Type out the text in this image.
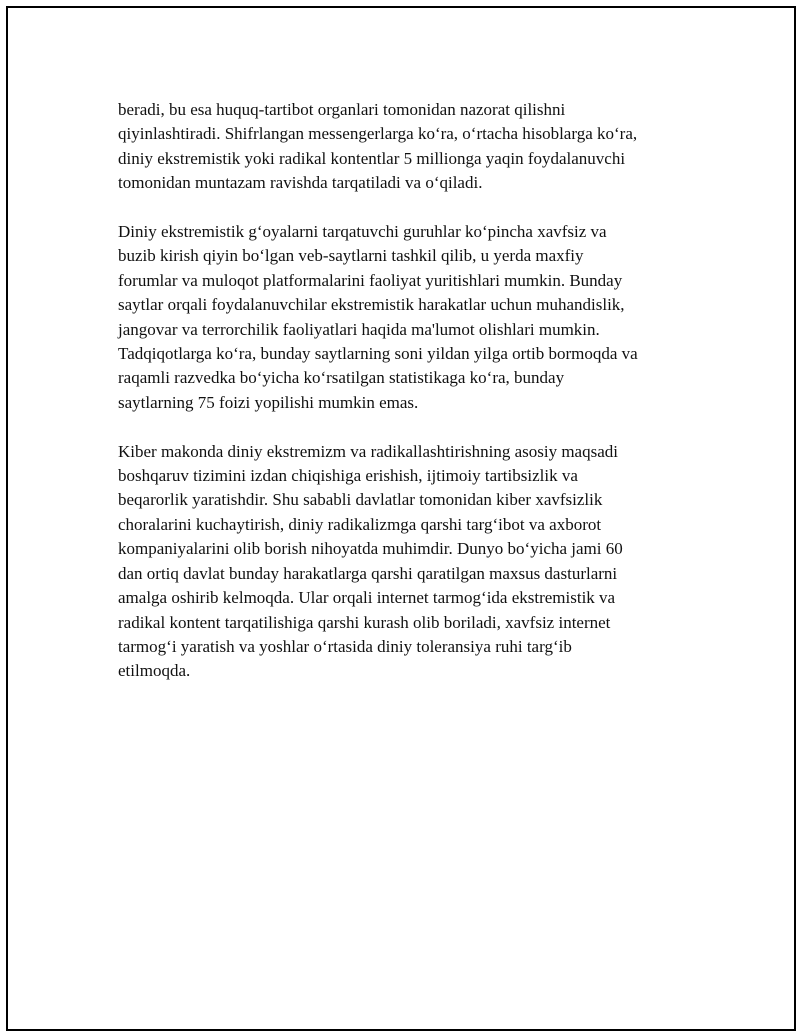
beradi, bu esa huquq-tartibot organlari tomonidan nazorat qilishni
qiyinlashtiradi. Shifrlangan messengerlarga ko‘ra, o‘rtacha hisoblarga ko‘ra,
diniy ekstremistik yoki radikal kontentlar 5 millionga yaqin foydalanuvchi
tomonidan muntazam ravishda tarqatiladi va o‘qiladi.

Diniy ekstremistik g‘oyalarni tarqatuvchi guruhlar ko‘pincha xavfsiz va
buzib kirish qiyin bo‘lgan veb-saytlarni tashkil qilib, u yerda maxfiy
forumlar va muloqot platformalarini faoliyat yuritishlari mumkin. Bunday
saytlar orqali foydalanuvchilar ekstremistik harakatlar uchun muhandislik,
jangovar va terrorchilik faoliyatlari haqida ma'lumot olishlari mumkin.
Tadqiqotlarga ko‘ra, bunday saytlarning soni yildan yilga ortib bormoqda va
raqamli razvedka bo‘yicha ko‘rsatilgan statistikaga ko‘ra, bunday
saytlarning 75 foizi yopilishi mumkin emas.

Kiber makonda diniy ekstremizm va radikallashtirishning asosiy maqsadi
boshqaruv tizimini izdan chiqishiga erishish, ijtimoiy tartibsizlik va
beqarorlik yaratishdir. Shu sababli davlatlar tomonidan kiber xavfsizlik
choralarini kuchaytirish, diniy radikalizmga qarshi targ‘ibot va axborot
kompaniyalarini olib borish nihoyatda muhimdir. Dunyo bo‘yicha jami 60
dan ortiq davlat bunday harakatlarga qarshi qaratilgan maxsus dasturlarni
amalga oshirib kelmoqda. Ular orqali internet tarmog‘ida ekstremistik va
radikal kontent tarqatilishiga qarshi kurash olib boriladi, xavfsiz internet
tarmog‘i yaratish va yoshlar o‘rtasida diniy toleransiya ruhi targ‘ib
etilmoqda.
